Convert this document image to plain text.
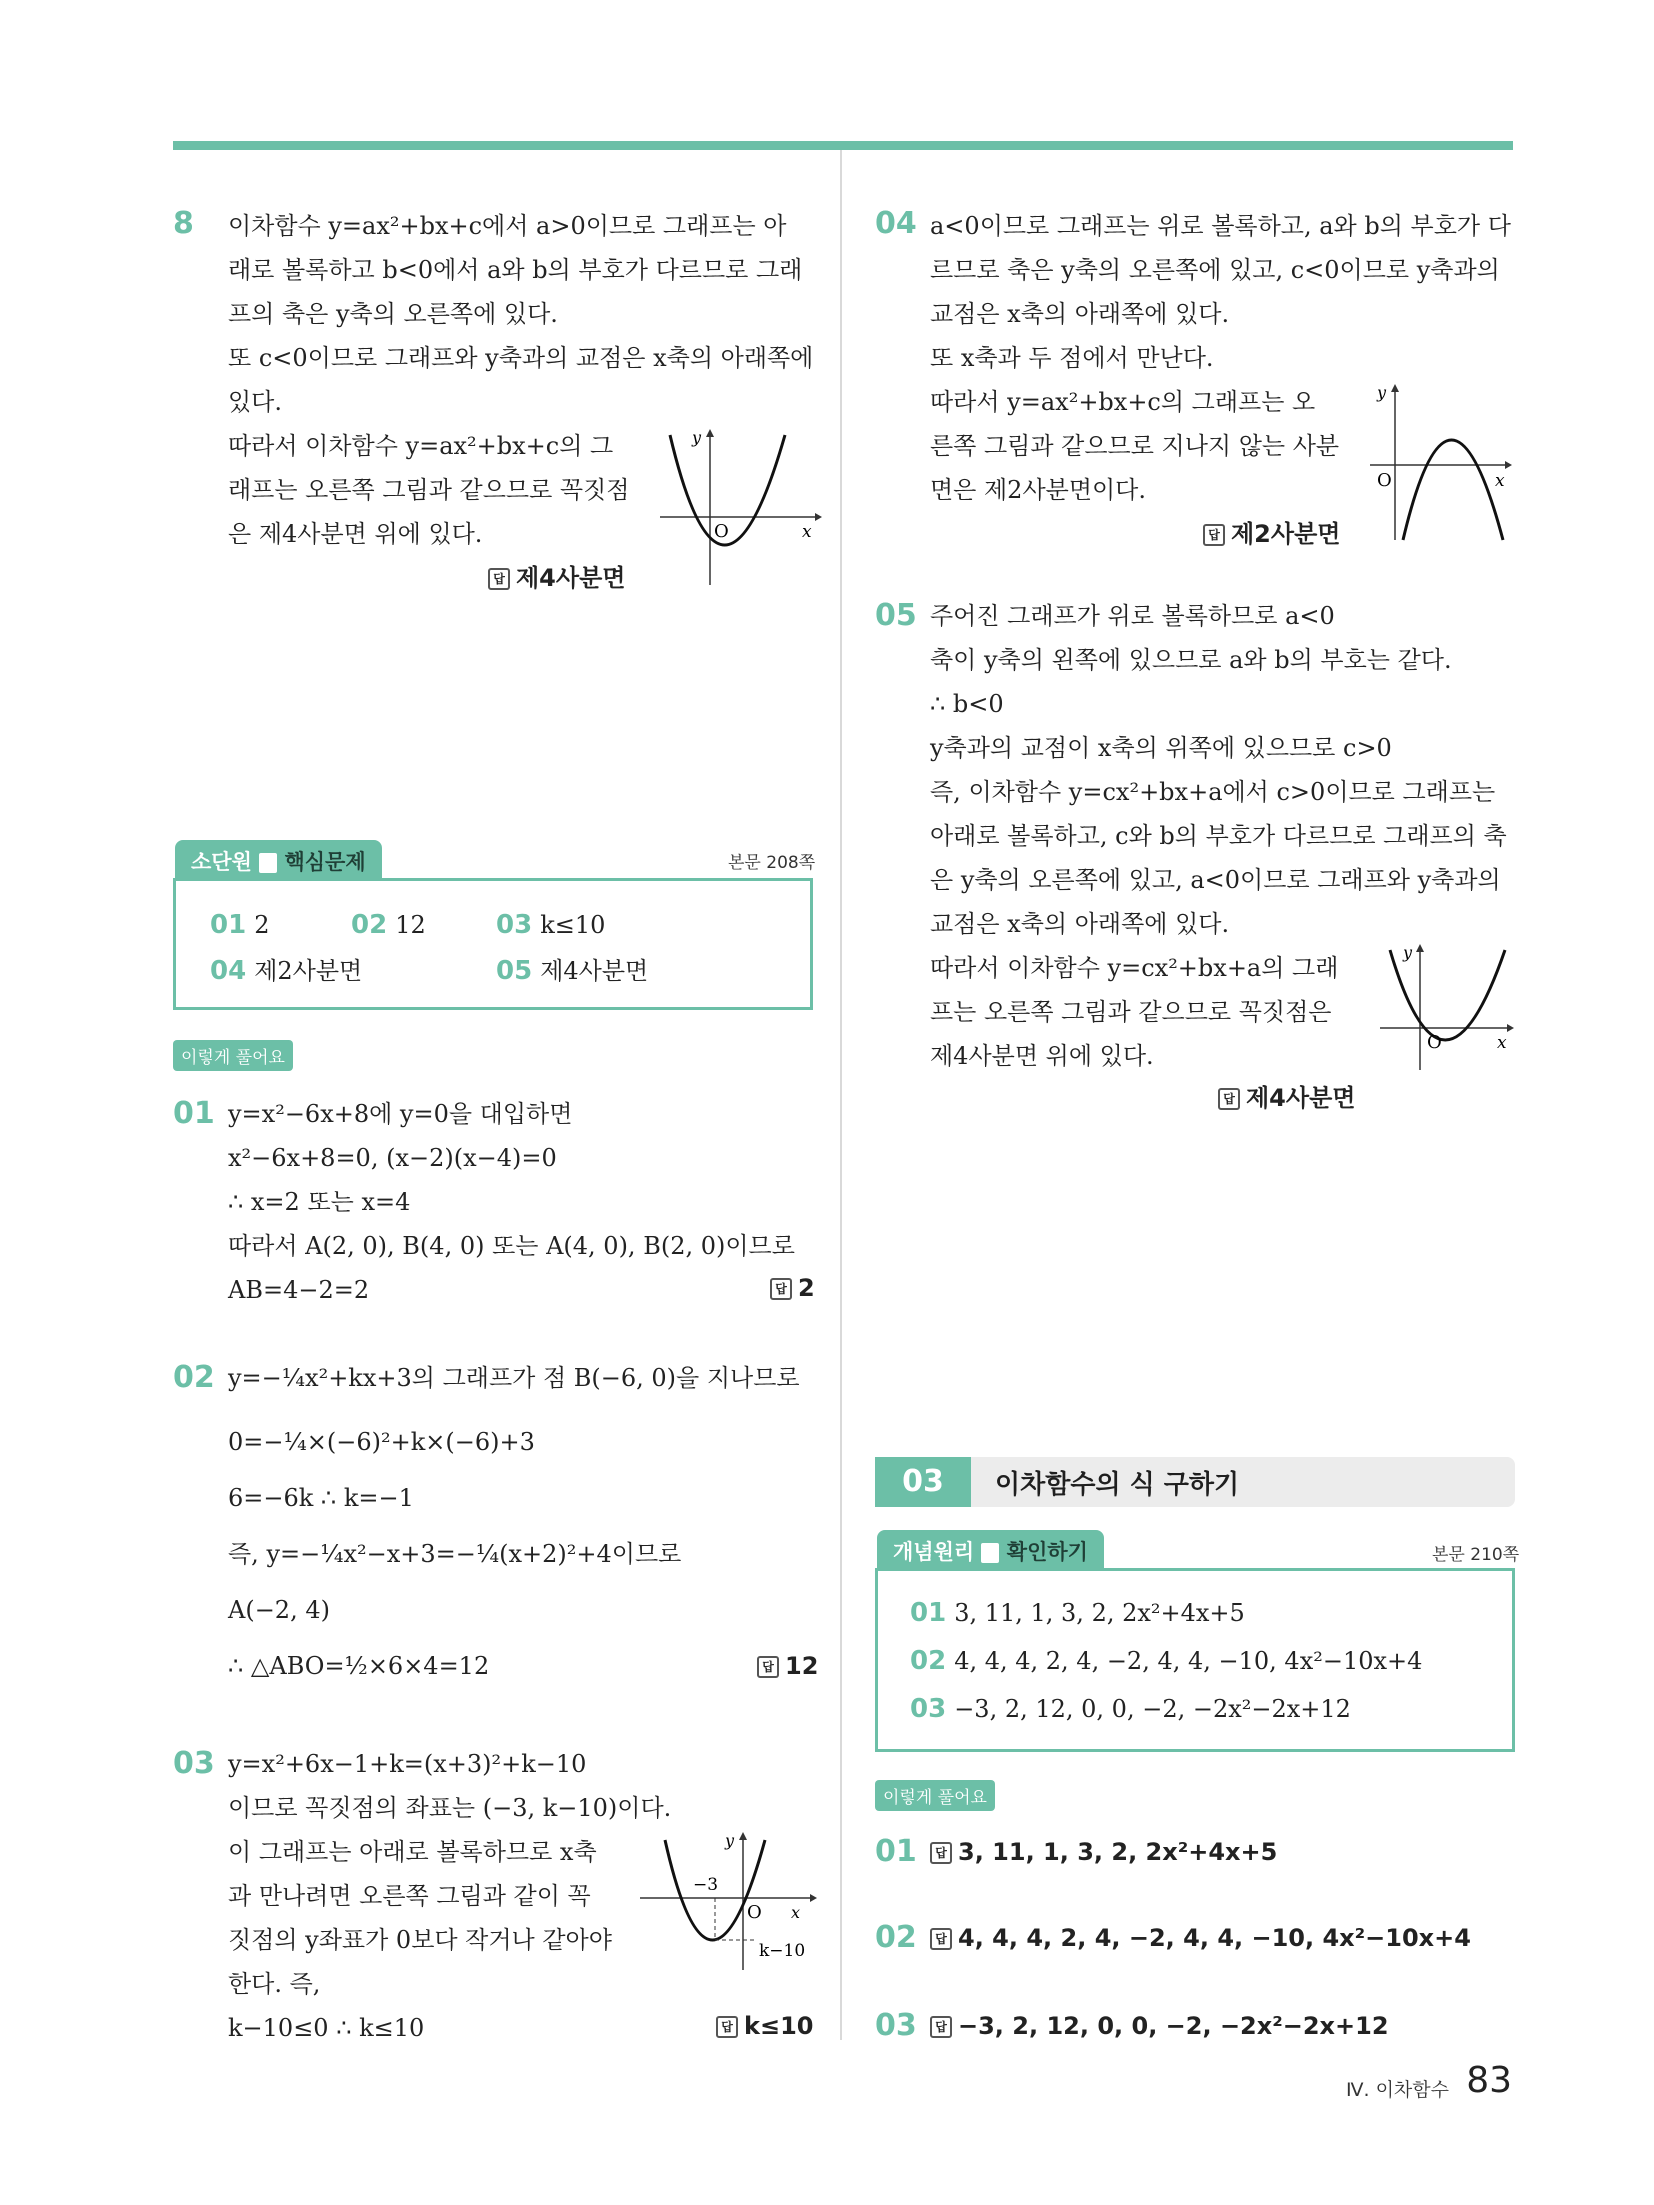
8 이차함수 y=ax²+bx+c에서 a>0이므로 그래프는 아
래로 볼록하고 b<0에서 a와 b의 부호가 다르므로 그래
프의 축은 y축의 오른쪽에 있다.
또 c<0이므로 그래프와 y축과의 교점은 x축의 아래쪽에
있다.
따라서 이차함수 y=ax²+bx+c의 그
래프는 오른쪽 그림과 같으므로 꼭짓점
은 제4사분면 위에 있다.
y
O	x
답 제4사분면
소단원 핵심문제	본문 208쪽
01 2	02 12	03 k≤10
04 제2사분면	05 제4사분면
이렇게 풀어요
01 y=x²−6x+8에 y=0을 대입하면
x²−6x+8=0, (x−2)(x−4)=0
∴ x=2 또는 x=4
따라서 A(2, 0), B(4, 0) 또는 A(4, 0), B(2, 0)이므로
AB=4−2=2	답 2
02 y=−¼x²+kx+3의 그래프가 점 B(−6, 0)을 지나므로
0=−¼×(−6)²+k×(−6)+3
6=−6k ∴ k=−1
즉, y=−¼x²−x+3=−¼(x+2)²+4이므로
A(−2, 4)
∴ △ABO=½×6×4=12	답 12
03 y=x²+6x−1+k=(x+3)²+k−10
이므로 꼭짓점의 좌표는 (−3, k−10)이다.
이 그래프는 아래로 볼록하므로 x축
과 만나려면 오른쪽 그림과 같이 꼭
짓점의 y좌표가 0보다 작거나 같아야
한다. 즉,
k−10≤0 ∴ k≤10
y
O x
−3
k−10
답 k≤10
04 a<0이므로 그래프는 위로 볼록하고, a와 b의 부호가 다
르므로 축은 y축의 오른쪽에 있고, c<0이므로 y축과의
교점은 x축의 아래쪽에 있다.
또 x축과 두 점에서 만난다.
따라서 y=ax²+bx+c의 그래프는 오
른쪽 그림과 같으므로 지나지 않는 사분
면은 제2사분면이다.
y
O	x
답 제2사분면
05 주어진 그래프가 위로 볼록하므로 a<0
축이 y축의 왼쪽에 있으므로 a와 b의 부호는 같다.
∴ b<0
y축과의 교점이 x축의 위쪽에 있으므로 c>0
즉, 이차함수 y=cx²+bx+a에서 c>0이므로 그래프는
아래로 볼록하고, c와 b의 부호가 다르므로 그래프의 축
은 y축의 오른쪽에 있고, a<0이므로 그래프와 y축과의
교점은 x축의 아래쪽에 있다.
따라서 이차함수 y=cx²+bx+a의 그래
프는 오른쪽 그림과 같으므로 꼭짓점은
제4사분면 위에 있다.
y
O	x
답 제4사분면
03	이차함수의 식 구하기
개념원리 확인하기	본문 210쪽
01 3, 11, 1, 3, 2, 2x²+4x+5
02 4, 4, 4, 2, 4, −2, 4, 4, −10, 4x²−10x+4
03 −3, 2, 12, 0, 0, −2, −2x²−2x+12
이렇게 풀어요
01	답 3, 11, 1, 3, 2, 2x²+4x+5
02	답 4, 4, 4, 2, 4, −2, 4, 4, −10, 4x²−10x+4
03	답 −3, 2, 12, 0, 0, −2, −2x²−2x+12
Ⅳ. 이차함수 83
